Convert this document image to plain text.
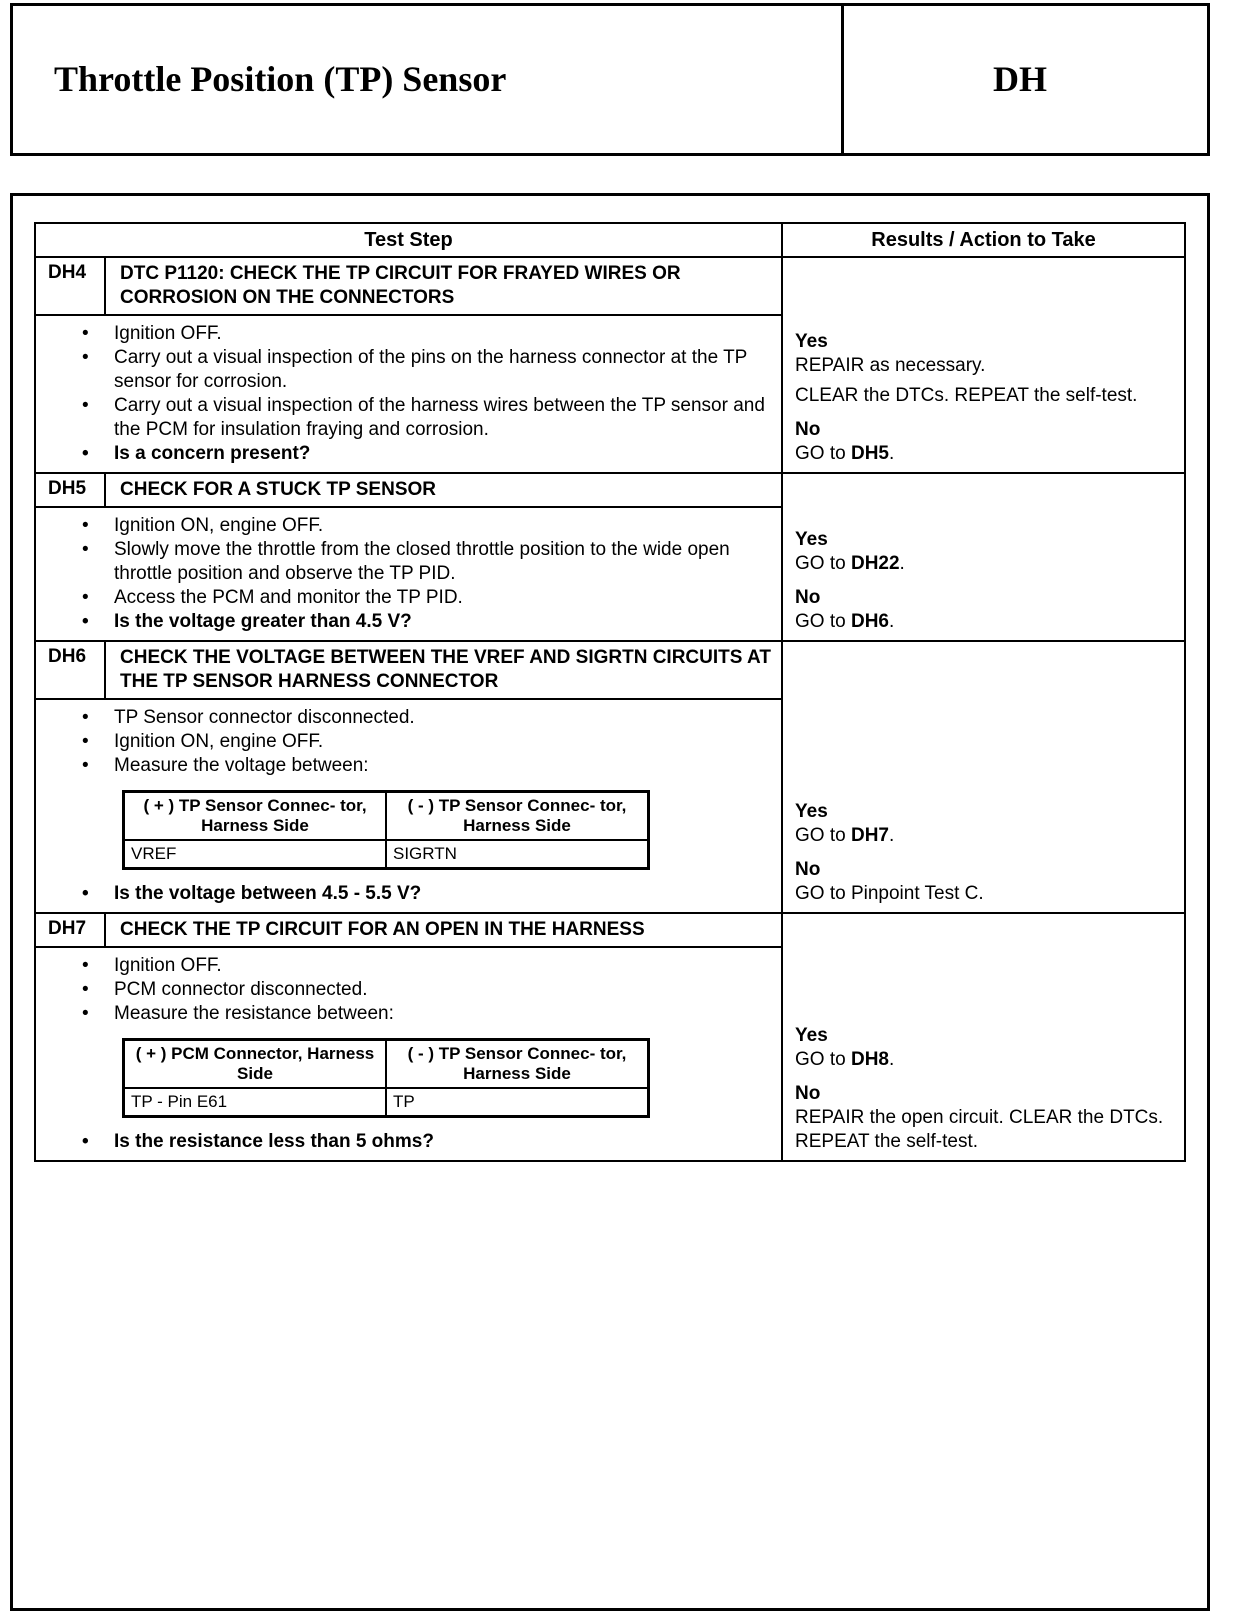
Throttle Position (TP) Sensor	DH
Test Step	Results / Action to Take
DH4	DTC P1120: CHECK THE TP CIRCUIT FOR FRAYED WIRES OR CORROSION ON THE CONNECTORS
• Ignition OFF.
• Carry out a visual inspection of the pins on the harness connector at the TP sensor for corrosion.
• Carry out a visual inspection of the harness wires between the TP sensor and the PCM for insulation fraying and corrosion.
• Is a concern present?
Yes
REPAIR as necessary.
CLEAR the DTCs. REPEAT the self-test.
No
GO to DH5.
DH5	CHECK FOR A STUCK TP SENSOR
• Ignition ON, engine OFF.
• Slowly move the throttle from the closed throttle position to the wide open throttle position and observe the TP PID.
• Access the PCM and monitor the TP PID.
• Is the voltage greater than 4.5 V?
Yes
GO to DH22.
No
GO to DH6.
DH6	CHECK THE VOLTAGE BETWEEN THE VREF AND SIGRTN CIRCUITS AT THE TP SENSOR HARNESS CONNECTOR
• TP Sensor connector disconnected.
• Ignition ON, engine OFF.
• Measure the voltage between:
( + ) TP Sensor Connec- tor, Harness Side	( - ) TP Sensor Connec- tor, Harness Side
VREF	SIGRTN
• Is the voltage between 4.5 - 5.5 V?
Yes
GO to DH7.
No
GO to Pinpoint Test C.
DH7	CHECK THE TP CIRCUIT FOR AN OPEN IN THE HARNESS
• Ignition OFF.
• PCM connector disconnected.
• Measure the resistance between:
( + ) PCM Connector, Harness Side	( - ) TP Sensor Connec- tor, Harness Side
TP - Pin E61	TP
• Is the resistance less than 5 ohms?
Yes
GO to DH8.
No
REPAIR the open circuit. CLEAR the DTCs. REPEAT the self-test.
